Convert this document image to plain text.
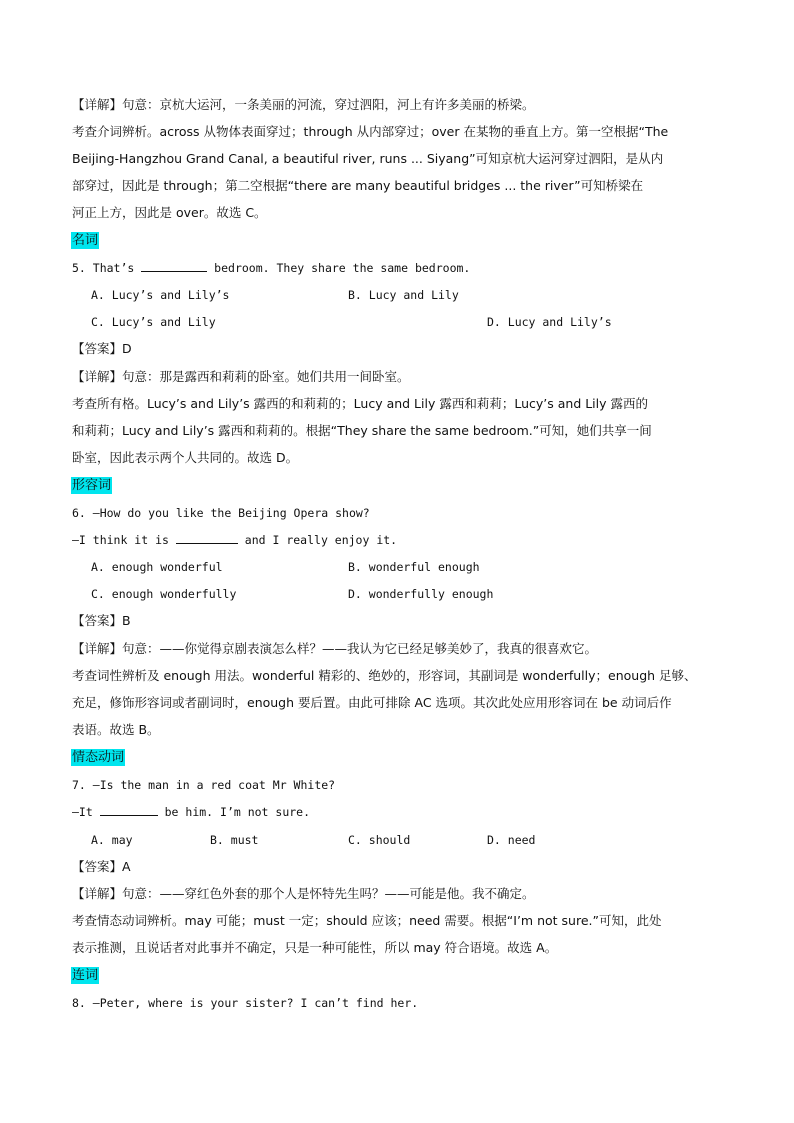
【详解】句意：京杭大运河，一条美丽的河流，穿过泗阳，河上有许多美丽的桥梁。
考查介词辨析。across 从物体表面穿过；through 从内部穿过；over 在某物的垂直上方。第一空根据“The
Beijing-Hangzhou Grand Canal, a beautiful river, runs ... Siyang”可知京杭大运河穿过泗阳，是从内
部穿过，因此是 through；第二空根据“there are many beautiful bridges ... the river”可知桥梁在
河正上方，因此是 over。故选 C。
名词
5. That’s	bedroom. They share the same bedroom.
A. Lucy’s and Lily’s	B. Lucy and Lily
C. Lucy’s and Lily	D. Lucy and Lily’s
【答案】D
【详解】句意：那是露西和莉莉的卧室。她们共用一间卧室。
考查所有格。Lucy’s and Lily’s 露西的和莉莉的；Lucy and Lily 露西和莉莉；Lucy’s and Lily 露西的
和莉莉；Lucy and Lily’s 露西和莉莉的。根据“They share the same bedroom.”可知，她们共享一间
卧室，因此表示两个人共同的。故选 D。
形容词
6. —How do you like the Beijing Opera show?
—I think it is	and I really enjoy it.
A. enough wonderful	B. wonderful enough
C. enough wonderfully	D. wonderfully enough
【答案】B
【详解】句意：——你觉得京剧表演怎么样？——我认为它已经足够美妙了，我真的很喜欢它。
考查词性辨析及 enough 用法。wonderful 精彩的、绝妙的，形容词，其副词是 wonderfully；enough 足够、
充足，修饰形容词或者副词时，enough 要后置。由此可排除 AC 选项。其次此处应用形容词在 be 动词后作
表语。故选 B。
情态动词
7. —Is the man in a red coat Mr White?
—It	be him. I’m not sure.
A. may	B. must	C. should	D. need
【答案】A
【详解】句意：——穿红色外套的那个人是怀特先生吗？——可能是他。我不确定。
考查情态动词辨析。may 可能；must 一定；should 应该；need 需要。根据“I’m not sure.”可知，此处
表示推测，且说话者对此事并不确定，只是一种可能性，所以 may 符合语境。故选 A。
连词
8. —Peter, where is your sister? I can’t find her.
